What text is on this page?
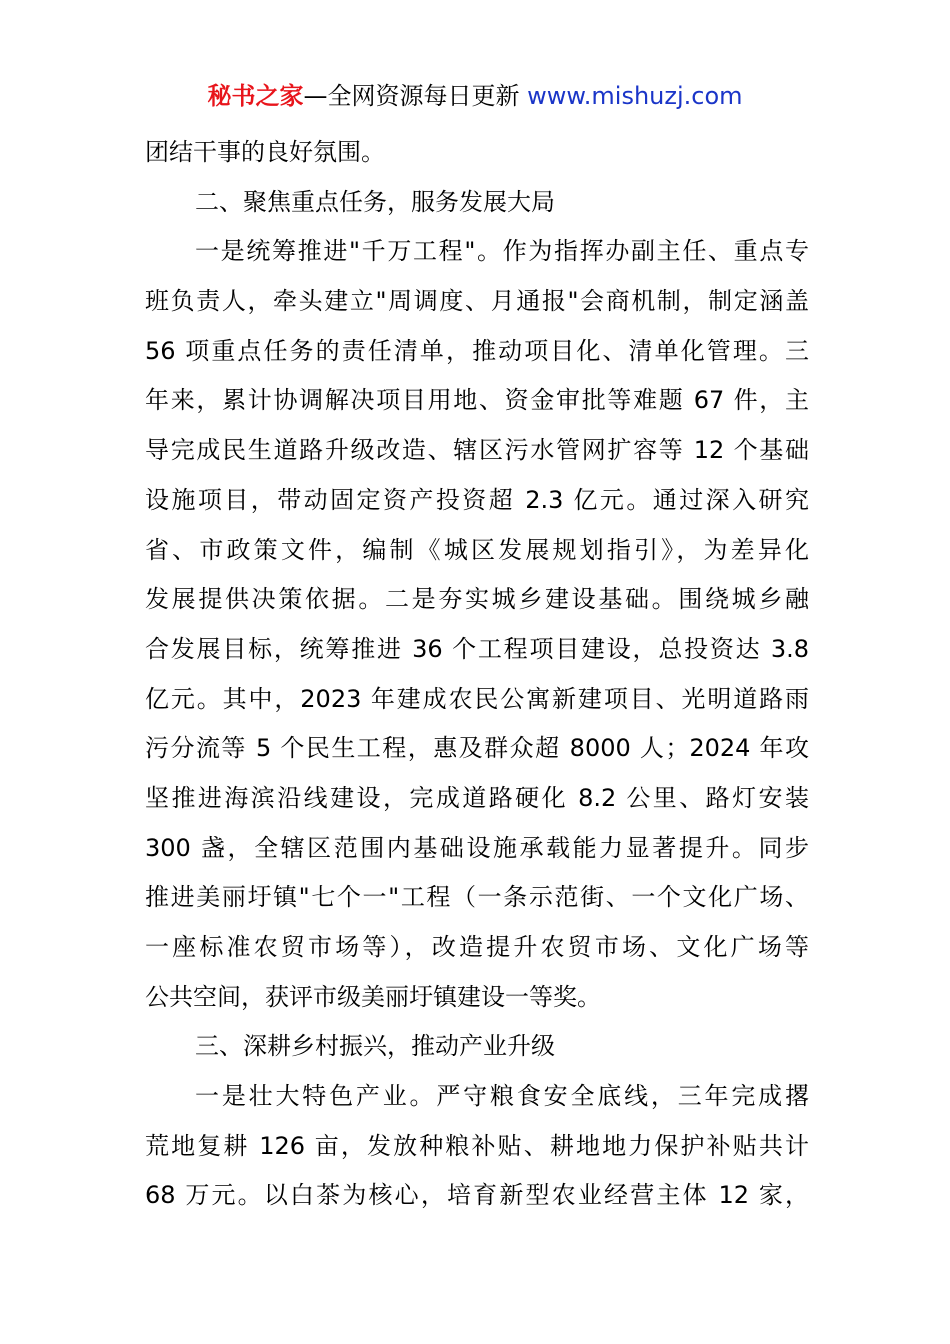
秘书之家—全网资源每日更新 www.mishuzj.com
团结干事的良好氛围。
二、聚焦重点任务，服务发展大局
一是统筹推进"千万工程"。作为指挥办副主任、重点专
班负责人，牵头建立"周调度、月通报"会商机制，制定涵盖
56 项重点任务的责任清单，推动项目化、清单化管理。三
年来，累计协调解决项目用地、资金审批等难题 67 件，主
导完成民生道路升级改造、辖区污水管网扩容等 12 个基础
设施项目，带动固定资产投资超 2.3 亿元。通过深入研究
省、市政策文件，编制《城区发展规划指引》，为差异化
发展提供决策依据。二是夯实城乡建设基础。围绕城乡融
合发展目标，统筹推进 36 个工程项目建设，总投资达 3.8
亿元。其中，2023 年建成农民公寓新建项目、光明道路雨
污分流等 5 个民生工程，惠及群众超 8000 人；2024 年攻
坚推进海滨沿线建设，完成道路硬化 8.2 公里、路灯安装
300 盏，全辖区范围内基础设施承载能力显著提升。同步
推进美丽圩镇"七个一"工程（一条示范街、一个文化广场、
一座标准农贸市场等），改造提升农贸市场、文化广场等
公共空间，获评市级美丽圩镇建设一等奖。
三、深耕乡村振兴，推动产业升级
一是壮大特色产业。严守粮食安全底线，三年完成撂
荒地复耕 126 亩，发放种粮补贴、耕地地力保护补贴共计
68 万元。以白茶为核心，培育新型农业经营主体 12 家，
